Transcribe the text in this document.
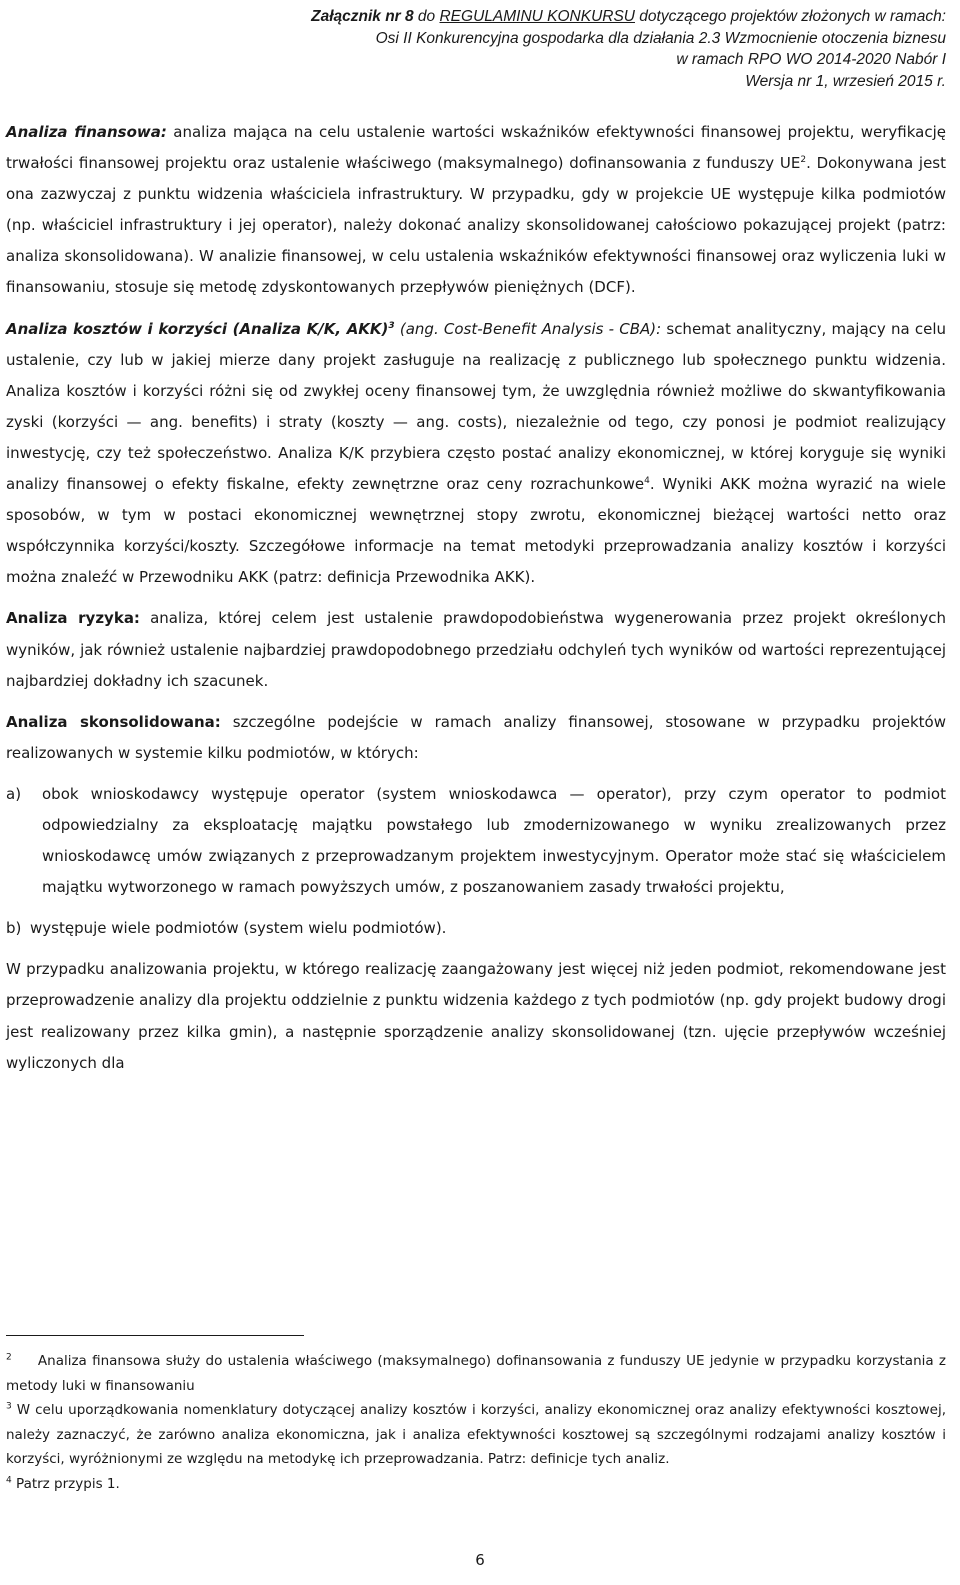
Załącznik nr 8 do REGULAMINU KONKURSU dotyczącego projektów złożonych w ramach:
Osi II Konkurencyjna gospodarka dla działania 2.3 Wzmocnienie otoczenia biznesu
w ramach RPO WO 2014-2020 Nabór I
Wersja nr 1, wrzesień 2015 r.

Analiza finansowa: analiza mająca na celu ustalenie wartości wskaźników efektywności finansowej projektu, weryfikację trwałości finansowej projektu oraz ustalenie właściwego (maksymalnego) dofinansowania z funduszy $UE^2$. Dokonywana jest ona zazwyczaj z punktu widzenia właściciela infrastruktury. W przypadku, gdy w projekcie UE występuje kilka podmiotów (np. właściciel infrastruktury i jej operator), należy dokonać analizy skonsolidowanej całościowo pokazującej projekt (patrz: analiza skonsolidowana). W analizie finansowej, w celu ustalenia wskaźników efektywności finansowej oraz wyliczenia luki w finansowaniu, stosuje się metodę zdyskontowanych przepływów pieniężnych (DCF).

Analiza kosztów i korzyści (Analiza K/K, AKK)$^3$ (ang. Cost-Benefit Analysis - CBA): schemat analityczny, mający na celu ustalenie, czy lub w jakiej mierze dany projekt zasługuje na realizację z publicznego lub społecznego punktu widzenia. Analiza kosztów i korzyści różni się od zwykłej oceny finansowej tym, że uwzględnia również możliwe do skwantyfikowania zyski (korzyści — ang. benefits) i straty (koszty — ang. costs), niezależnie od tego, czy ponosi je podmiot realizujący inwestycję, czy też społeczeństwo. Analiza K/K przybiera często postać analizy ekonomicznej, w której koryguje się wyniki analizy finansowej o efekty fiskalne, efekty zewnętrzne oraz ceny rozrachunkowe$^4$. Wyniki AKK można wyrazić na wiele sposobów, w tym w postaci ekonomicznej wewnętrznej stopy zwrotu, ekonomicznej bieżącej wartości netto oraz współczynnika korzyści/koszty. Szczegółowe informacje na temat metodyki przeprowadzania analizy kosztów i korzyści można znaleźć w Przewodniku AKK (patrz: definicja Przewodnika AKK).

Analiza ryzyka: analiza, której celem jest ustalenie prawdopodobieństwa wygenerowania przez projekt określonych wyników, jak również ustalenie najbardziej prawdopodobnego przedziału odchyleń tych wyników od wartości reprezentującej najbardziej dokładny ich szacunek.

Analiza skonsolidowana: szczególne podejście w ramach analizy finansowej, stosowane w przypadku projektów realizowanych w systemie kilku podmiotów, w których:

a) obok wnioskodawcy występuje operator (system wnioskodawca — operator), przy czym operator to podmiot odpowiedzialny za eksploatację majątku powstałego lub zmodernizowanego w wyniku zrealizowanych przez wnioskodawcę umów związanych z przeprowadzanym projektem inwestycyjnym. Operator może stać się właścicielem majątku wytworzonego w ramach powyższych umów, z poszanowaniem zasady trwałości projektu,
b) występuje wiele podmiotów (system wielu podmiotów).

W przypadku analizowania projektu, w którego realizację zaangażowany jest więcej niż jeden podmiot, rekomendowane jest przeprowadzenie analizy dla projektu oddzielnie z punktu widzenia każdego z tych podmiotów (np. gdy projekt budowy drogi jest realizowany przez kilka gmin), a następnie sporządzenie analizy skonsolidowanej (tzn. ujęcie przepływów wcześniej wyliczonych dla

$^2$ Analiza finansowa służy do ustalenia właściwego (maksymalnego) dofinansowania z funduszy UE jedynie w przypadku korzystania z metody luki w finansowaniu

$^3$ W celu uporządkowania nomenklatury dotyczącej analizy kosztów i korzyści, analizy ekonomicznej oraz analizy efektywności kosztowej, należy zaznaczyć, że zarówno analiza ekonomiczna, jak i analiza efektywności kosztowej są szczególnymi rodzajami analizy kosztów i korzyści, wyróżnionymi ze względu na metodykę ich przeprowadzania. Patrz: definicje tych analiz.

$^4$ Patrz przypis 1.

6
